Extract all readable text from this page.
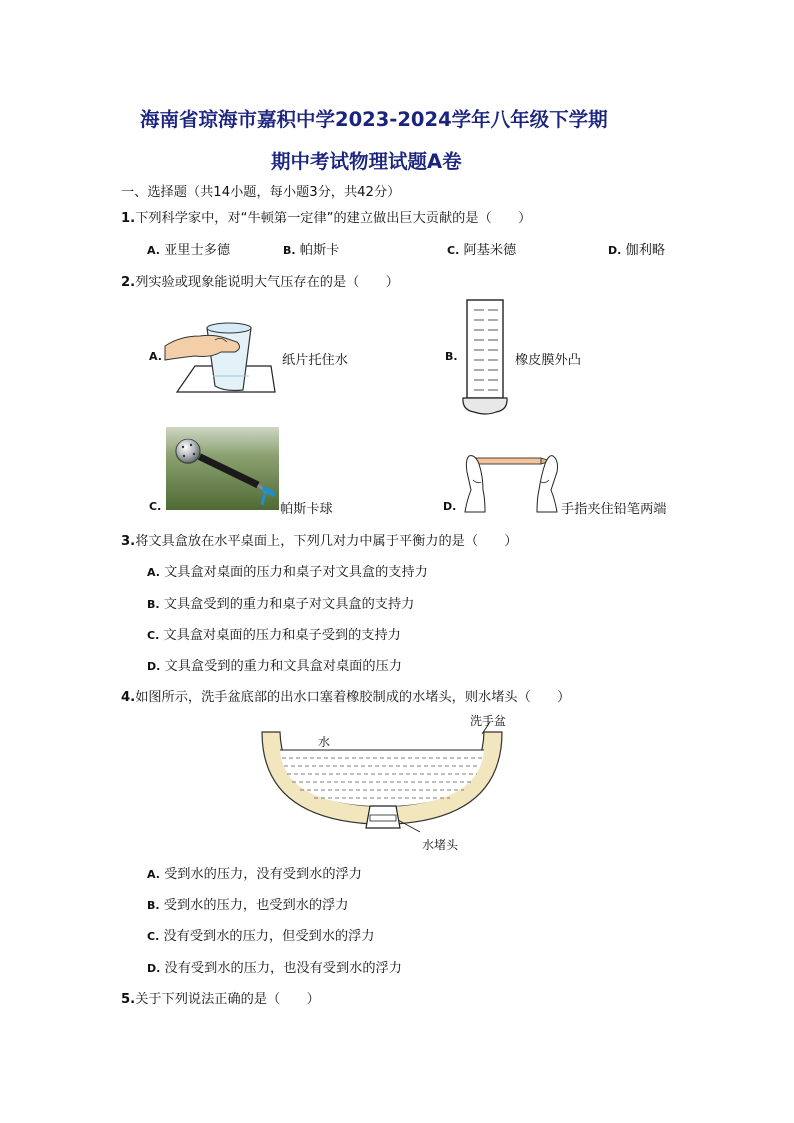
海南省琼海市嘉积中学2023-2024学年八年级下学期
期中考试物理试题A卷
一、选择题（共14小题，每小题3分，共42分）
1.下列科学家中，对“牛顿第一定律”的建立做出巨大贡献的是（　　）
A. 亚里士多德	B. 帕斯卡	C. 阿基米德	D. 伽利略
2.列实验或现象能说明大气压存在的是（　　）
A.	纸片托住水	B.	橡皮膜外凸
C.	帕斯卡球	D.	手指夹住铅笔两端
3.将文具盒放在水平桌面上，下列几对力中属于平衡力的是（　　）
A. 文具盒对桌面的压力和桌子对文具盒的支持力
B. 文具盒受到的重力和桌子对文具盒的支持力
C. 文具盒对桌面的压力和桌子受到的支持力
D. 文具盒受到的重力和文具盒对桌面的压力
4.如图所示，洗手盆底部的出水口塞着橡胶制成的水堵头，则水堵头（　　）
洗手盆
水
水堵头
A. 受到水的压力，没有受到水的浮力
B. 受到水的压力，也受到水的浮力
C. 没有受到水的压力，但受到水的浮力
D. 没有受到水的压力，也没有受到水的浮力
5.关于下列说法正确的是（　　）
